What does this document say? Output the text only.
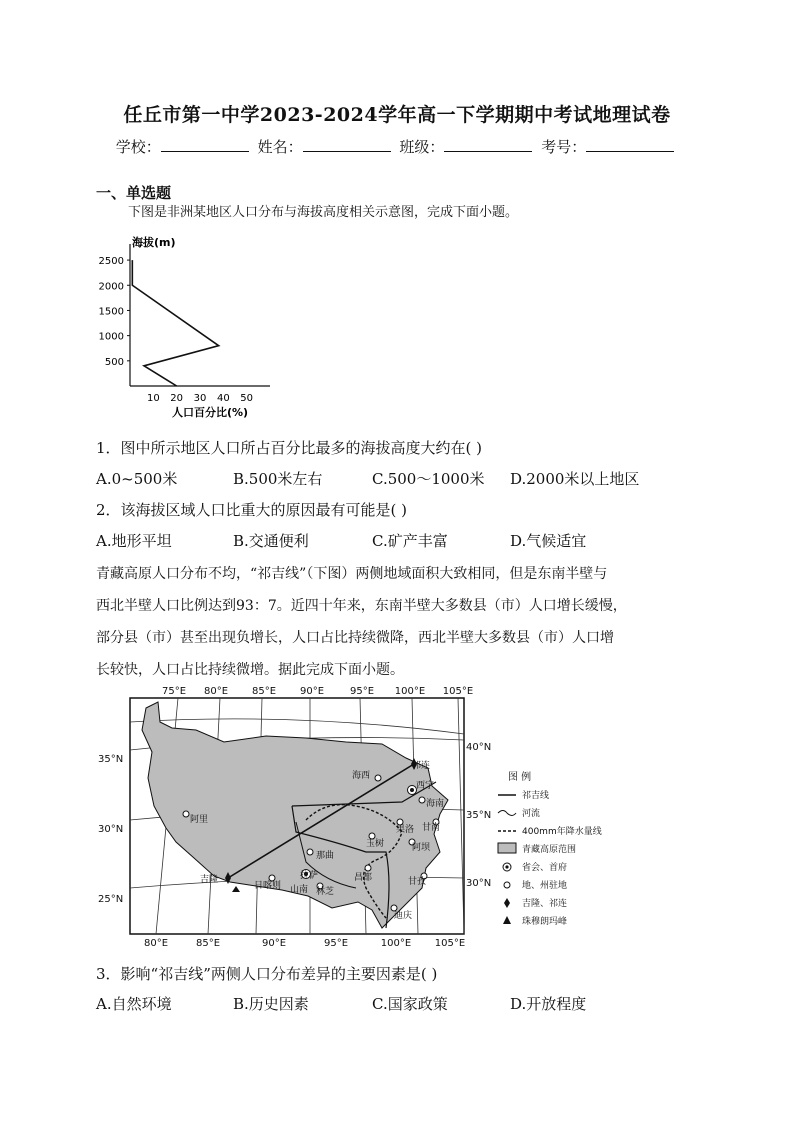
任丘市第一中学2023-2024学年高一下学期期中考试地理试卷
学校：	姓名：	班级：	考号：
一、单选题
下图是非洲某地区人口分布与海拔高度相关示意图，完成下面小题。
海拔(m)
人口百分比(%)
2500
2000
1500
1000
500
10 20 30 40 50
1．图中所示地区人口所占百分比最多的海拔高度大约在( )
A.0~500米	B.500米左右	C.500～1000米 D.2000米以上地区
2．该海拔区域人口比重大的原因最有可能是( )
A.地形平坦	B.交通便利	C.矿产丰富	D.气候适宜
青藏高原人口分布不均，“祁吉线”（下图）两侧地域面积大致相同，但是东南半壁与
西北半壁人口比例达到93：7。近四十年来，东南半壁大多数县（市）人口增长缓慢，
部分县（市）甚至出现负增长，人口占比持续微降，西北半壁大多数县（市）人口增
长较快，人口占比持续微增。据此完成下面小题。
75°E 80°E 85°E 90°E	95°E 100°E 105°E
80°E	85°E	90°E	95°E	100°E 105°E
35°N
30°N
25°N
40°N
35°N
30°N
阿里
海西
祁连
西宁
海南
果洛 甘南
玉树	阿坝
那曲
拉萨	昌都	甘孜
日喀则 山南 林芝
迪庆
吉隆
图 例
祁吉线
河流
400mm年降水量线
青藏高原范围
省会、首府
地、州驻地
吉隆、祁连
珠穆朗玛峰
3．影响“祁吉线”两侧人口分布差异的主要因素是( )
A.自然环境	B.历史因素	C.国家政策	D.开放程度
